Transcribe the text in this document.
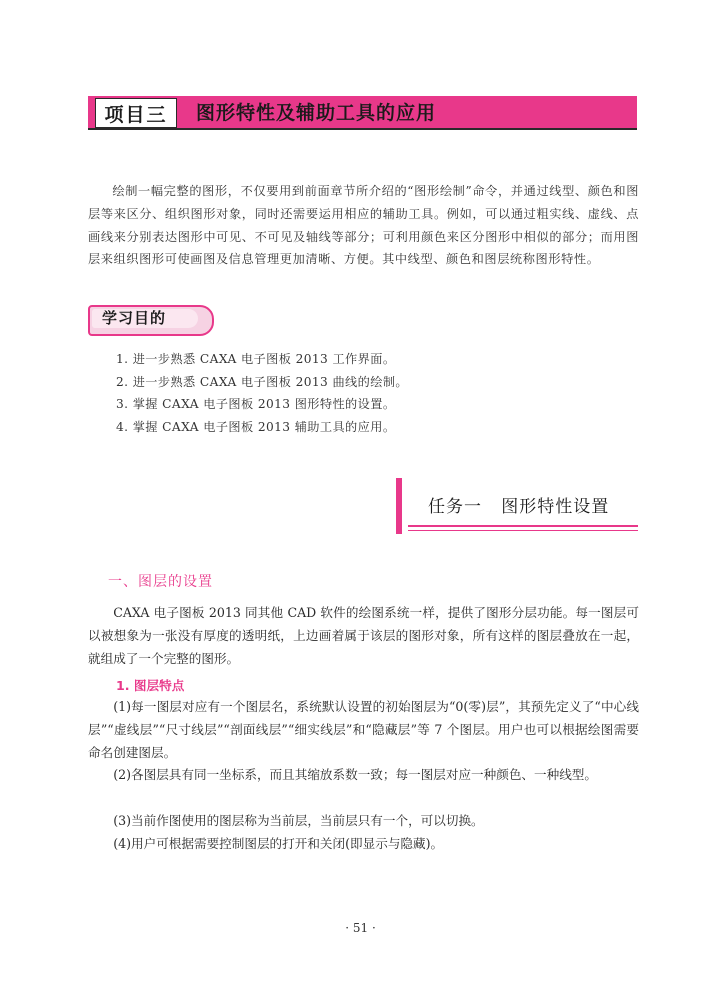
项目三	图形特性及辅助工具的应用
绘制一幅完整的图形，不仅要用到前面章节所介绍的“图形绘制”命令，并通过线型、颜色和图层等来区分、组织图形对象，同时还需要运用相应的辅助工具。例如，可以通过粗实线、虚线、点画线来分别表达图形中可见、不可见及轴线等部分；可利用颜色来区分图形中相似的部分；而用图层来组织图形可使画图及信息管理更加清晰、方便。其中线型、颜色和图层统称图形特性。
学习目的
1. 进一步熟悉 CAXA 电子图板 2013 工作界面。
2. 进一步熟悉 CAXA 电子图板 2013 曲线的绘制。
3. 掌握 CAXA 电子图板 2013 图形特性的设置。
4. 掌握 CAXA 电子图板 2013 辅助工具的应用。
任务一   图形特性设置
一、图层的设置
CAXA 电子图板 2013 同其他 CAD 软件的绘图系统一样，提供了图形分层功能。每一图层可以被想象为一张没有厚度的透明纸，上边画着属于该层的图形对象，所有这样的图层叠放在一起，就组成了一个完整的图形。
1. 图层特点
(1)每一图层对应有一个图层名，系统默认设置的初始图层为“0(零)层”，其预先定义了“中心线层”“虚线层”“尺寸线层”“剖面线层”“细实线层”和“隐藏层”等 7 个图层。用户也可以根据绘图需要命名创建图层。
(2)各图层具有同一坐标系，而且其缩放系数一致；每一图层对应一种颜色、一种线型。
(3)当前作图使用的图层称为当前层，当前层只有一个，可以切换。
(4)用户可根据需要控制图层的打开和关闭(即显示与隐藏)。
· 51 ·
